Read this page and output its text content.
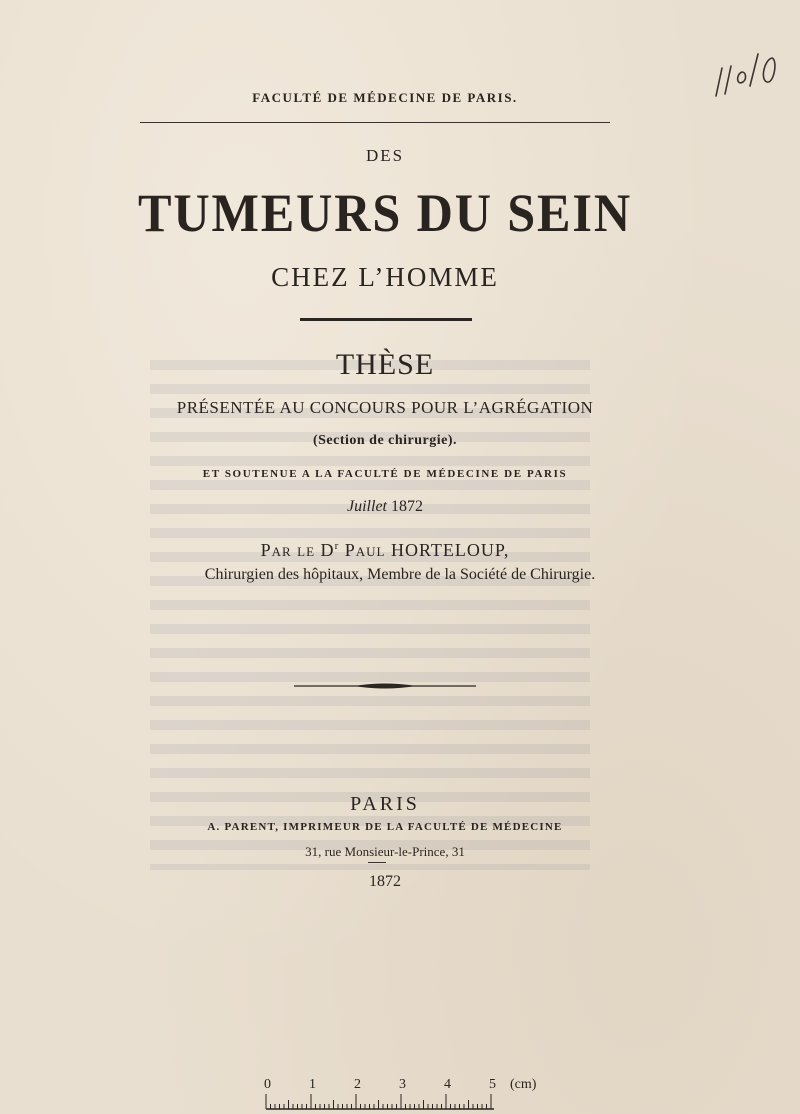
FACULTÉ DE MÉDECINE DE PARIS.
DES
TUMEURS DU SEIN
CHEZ L’HOMME
THÈSE
PRÉSENTÉE AU CONCOURS POUR L’AGRÉGATION
(Section de chirurgie).
ET SOUTENUE A LA FACULTÉ DE MÉDECINE DE PARIS
Juillet 1872
Par le $D^r$ Paul HORTELOUP,
Chirurgien des hôpitaux, Membre de la Société de Chirurgie.
PARIS
A. PARENT, IMPRIMEUR DE LA FACULTÉ DE MÉDECINE
31, rue Monsieur-le-Prince, 31
1872
0	1	2	3	4	5 (cm)
